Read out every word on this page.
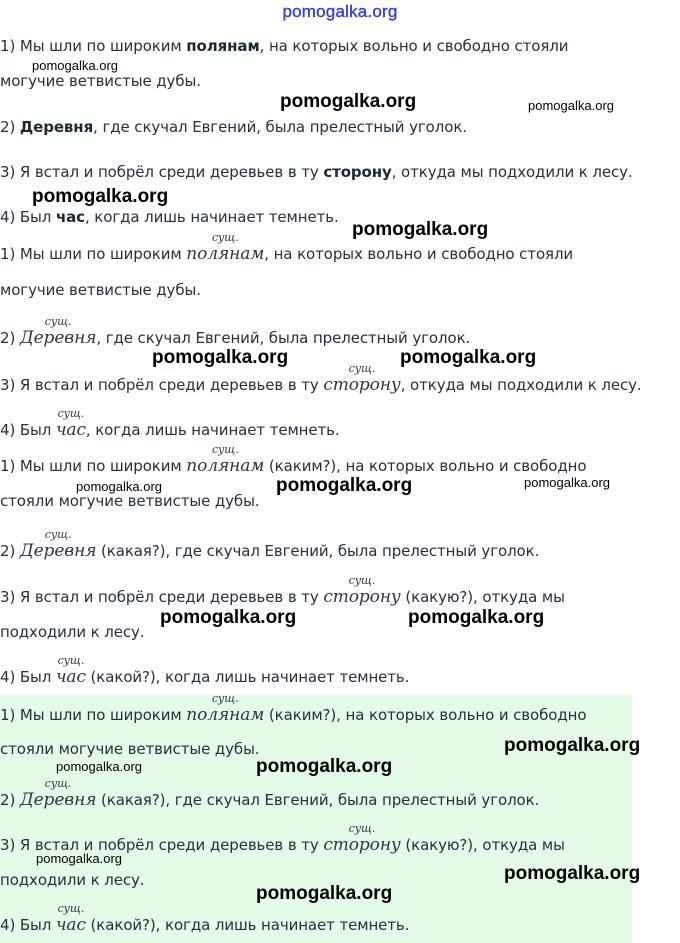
pomogalka.org
1) Мы шли по широким полянам, на которых вольно и свободно стояли
могучие ветвистые дубы.
2) Деревня, где скучал Евгений, была прелестный уголок.
3) Я встал и побрёл среди деревьев в ту сторону, откуда мы подходили к лесу.
4) Был час, когда лишь начинает темнеть.
1) Мы шли по широким
сущ.
полянам, на которых вольно и свободно стояли
могучие ветвистые дубы.
2)
сущ.
Деревня, где скучал Евгений, была прелестный уголок.
3) Я встал и побрёл среди деревьев в ту
сущ.
сторону, откуда мы подходили к лесу.
4) Был
сущ.
час, когда лишь начинает темнеть.
1) Мы шли по широким
сущ.
полянам (каким?), на которых вольно и свободно
стояли могучие ветвистые дубы.
2)
сущ.
Деревня (какая?), где скучал Евгений, была прелестный уголок.
3) Я встал и побрёл среди деревьев в ту
сущ.
сторону (какую?), откуда мы
подходили к лесу.
4) Был
сущ.
час (какой?), когда лишь начинает темнеть.
1) Мы шли по широким
сущ.
полянам (каким?), на которых вольно и свободно
стояли могучие ветвистые дубы.
2)
сущ.
Деревня (какая?), где скучал Евгений, была прелестный уголок.
3) Я встал и побрёл среди деревьев в ту
сущ.
сторону (какую?), откуда мы
подходили к лесу.
4) Был
сущ.
час (какой?), когда лишь начинает темнеть.
pomogalka.org
pomogalka.org	pomogalka.org
pomogalka.org
pomogalka.org
pomogalka.org	pomogalka.org
pomogalka.org	pomogalka.org	pomogalka.org
pomogalka.org	pomogalka.org
pomogalka.org
pomogalka.org	pomogalka.org
pomogalka.org
pomogalka.org
pomogalka.org
